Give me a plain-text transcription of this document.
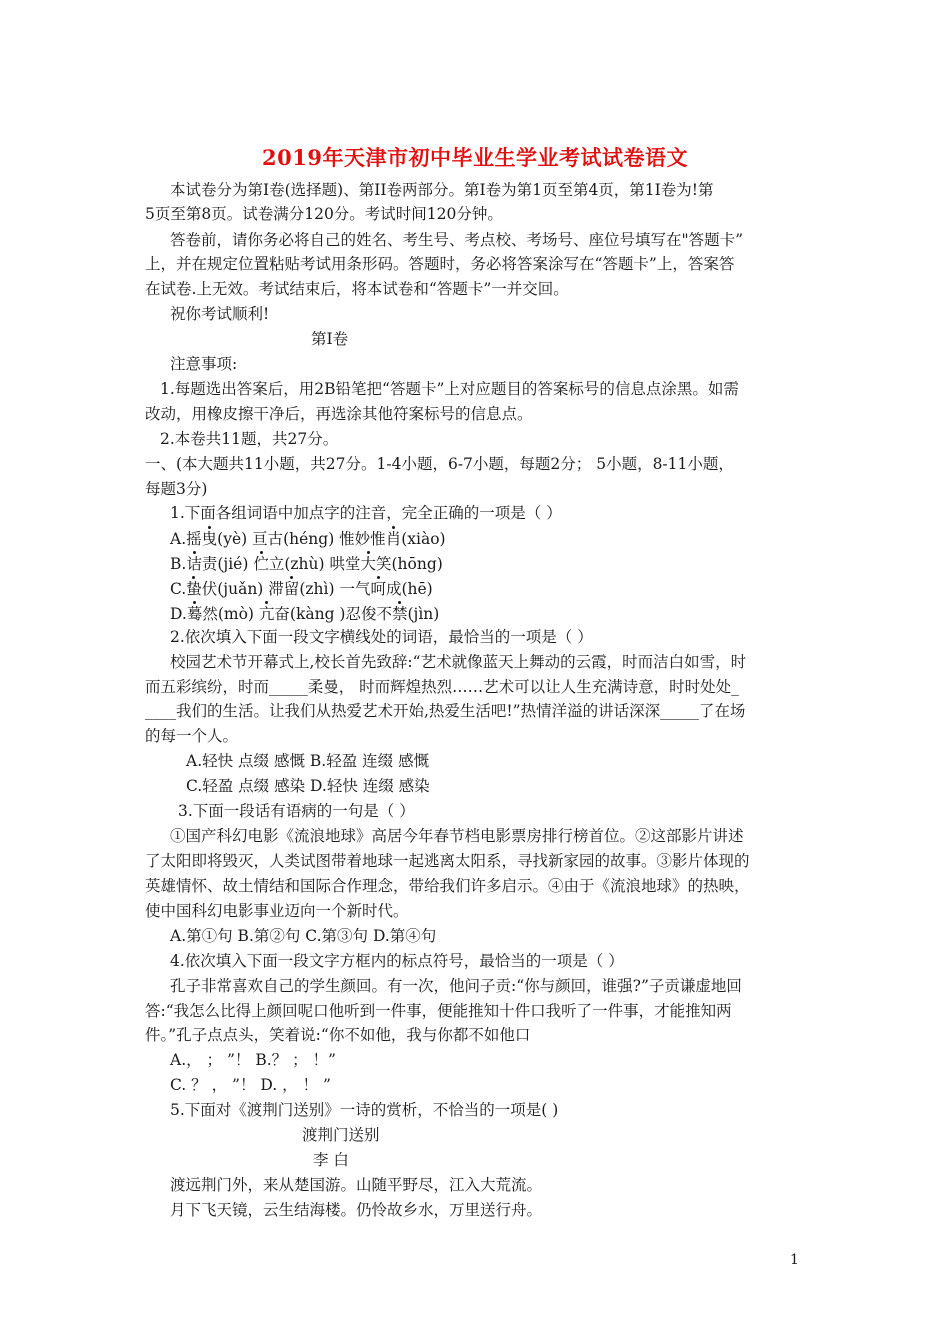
2019年天津市初中毕业生学业考试试卷语文
本试卷分为第Ⅰ卷(选择题)、第II卷两部分。第Ⅰ卷为第1页至第4页，第1I卷为!第
5页至第8页。试卷满分120分。考试时间120分钟。
答卷前，请你务必将自己的姓名、考生号、考点校、考场号、座位号填写在"答题卡”
上，并在规定位置粘贴考试用条形码。答题时，务必将答案涂写在“答题卡”上，答案答
在试卷.上无效。考试结束后，将本试卷和“答题卡”一并交回。
祝你考试顺利!
第Ⅰ卷
注意事项:
1.每题选出答案后，用2B铅笔把“答题卡”上对应题目的答案标号的信息点涂黑。如需
改动，用橡皮擦干净后，再选涂其他符案标号的信息点。
2.本卷共11题，共27分。
一、(本大题共11小题，共27分。1-4小题，6-7小题，每题2分； 5小题，8-11小题，
每题3分)
1.下面各组词语中加点字的注音，完全正确的一项是（ ）
A.摇曳(yè) 亘古(héng) 惟妙惟肖(xiào)
B.诘责(jié) 伫立(zhù) 哄堂大笑(hōng)
C.蛰伏(juǎn) 滞留(zhì) 一气呵成(hē)
D.蓦然(mò) 亢奋(kàng )忍俊不禁(jìn)
2.依次填入下面一段文字横线处的词语，最恰当的一项是（ ）
校园艺术节开幕式上,校长首先致辞:“艺术就像蓝天上舞动的云霞，时而洁白如雪，时
而五彩缤纷，时而_____柔曼， 时而辉煌热烈……艺术可以让人生充满诗意，时时处处_
____我们的生活。让我们从热爱艺术开始,热爱生活吧!”热情洋溢的讲话深深_____了在场
的每一个人。
A.轻快 点缀 感慨 B.轻盈 连缀 感慨
C.轻盈 点缀 感染 D.轻快 连缀 感染
3.下面一段话有语病的一句是（ ）
①国产科幻电影《流浪地球》高居今年春节档电影票房排行榜首位。②这部影片讲述
了太阳即将毁灭，人类试图带着地球一起逃离太阳系，寻找新家园的故事。③影片体现的
英雄情怀、故土情结和国际合作理念，带给我们许多启示。④由于《流浪地球》的热映，
使中国科幻电影事业迈向一个新时代。
A.第①句 B.第②句 C.第③句 D.第④句
4.依次填入下面一段文字方框内的标点符号，最恰当的一项是（ ）
孔子非常喜欢自己的学生颜回。有一次，他问子贡:“你与颜回，谁强?”子贡谦虚地回
答:“我怎么比得上颜回呢口他听到一件事，便能推知十件口我听了一件事，才能推知两
件。”孔子点点头，笑着说:“你不如他，我与你都不如他口
A.， ； ”！ B.？ ； ！”
C. ？ ， ”！ D. ， ！ ”
5.下面对《渡荆门送别》一诗的赏析，不恰当的一项是( )
渡荆门送别
李 白
渡远荆门外，来从楚国游。山随平野尽，江入大荒流。
月下飞天镜，云生结海楼。仍怜故乡水，万里送行舟。
1
